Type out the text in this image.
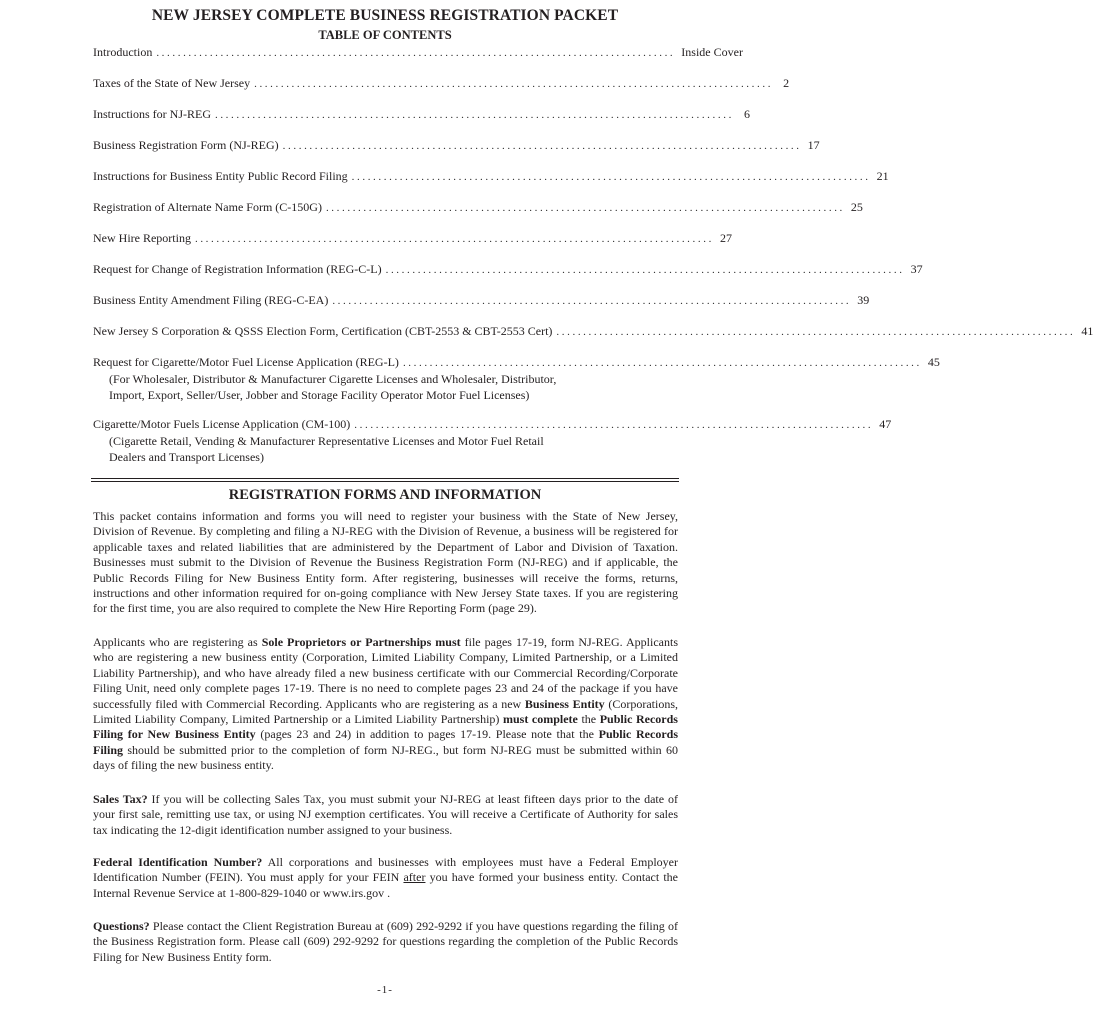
NEW JERSEY COMPLETE BUSINESS REGISTRATION PACKET
TABLE OF CONTENTS
Introduction ................................................................................................. Inside Cover
Taxes of the State of New Jersey ................................................................................................. 2
Instructions for NJ-REG ................................................................................................. 6
Business Registration Form (NJ-REG) ................................................................................................. 17
Instructions for Business Entity Public Record Filing ................................................................................................. 21
Registration of Alternate Name Form (C-150G) ................................................................................................. 25
New Hire Reporting ................................................................................................. 27
Request for Change of Registration Information (REG-C-L) ................................................................................................. 37
Business Entity Amendment Filing (REG-C-EA) ................................................................................................. 39
New Jersey S Corporation & QSSS Election Form, Certification (CBT-2553 & CBT-2553 Cert) ................................................................................................. 41
Request for Cigarette/Motor Fuel License Application (REG-L) ................................................................................................. 45
(For Wholesaler, Distributor & Manufacturer Cigarette Licenses and Wholesaler, Distributor,
Import, Export, Seller/User, Jobber and Storage Facility Operator Motor Fuel Licenses)
Cigarette/Motor Fuels License Application (CM-100) ................................................................................................. 47
(Cigarette Retail, Vending & Manufacturer Representative Licenses and Motor Fuel Retail
Dealers and Transport Licenses)
REGISTRATION FORMS AND INFORMATION

This packet contains information and forms you will need to register your business with the State of New Jersey, Division of Revenue. By completing and filing a NJ-REG with the Division of Revenue, a business will be registered for applicable taxes and related liabilities that are administered by the Department of Labor and Division of Taxation. Businesses must submit to the Division of Revenue the Business Registration Form (NJ-REG) and if applicable, the Public Records Filing for New Business Entity form. After registering, businesses will receive the forms, returns, instructions and other information required for on-going compliance with New Jersey State taxes. If you are registering for the first time, you are also required to complete the New Hire Reporting Form (page 29).

Applicants who are registering as Sole Proprietors or Partnerships must file pages 17-19, form NJ-REG. Applicants who are registering a new business entity (Corporation, Limited Liability Company, Limited Partnership, or a Limited Liability Partnership), and who have already filed a new business certificate with our Commercial Recording/Corporate Filing Unit, need only complete pages 17-19. There is no need to complete pages 23 and 24 of the package if you have successfully filed with Commercial Recording. Applicants who are registering as a new Business Entity (Corporations, Limited Liability Company, Limited Partnership or a Limited Liability Partnership) must complete the Public Records Filing for New Business Entity (pages 23 and 24) in addition to pages 17-19. Please note that the Public Records Filing should be submitted prior to the completion of form NJ-REG., but form NJ-REG must be submitted within 60 days of filing the new business entity.

Sales Tax? If you will be collecting Sales Tax, you must submit your NJ-REG at least fifteen days prior to the date of your first sale, remitting use tax, or using NJ exemption certificates. You will receive a Certificate of Authority for sales tax indicating the 12-digit identification number assigned to your business.

Federal Identification Number? All corporations and businesses with employees must have a Federal Employer Identification Number (FEIN). You must apply for your FEIN after you have formed your business entity. Contact the Internal Revenue Service at 1-800-829-1040 or www.irs.gov .

Questions? Please contact the Client Registration Bureau at (609) 292-9292 if you have questions regarding the filing of the Business Registration form. Please call (609) 292-9292 for questions regarding the completion of the Public Records Filing for New Business Entity form.

-1-
